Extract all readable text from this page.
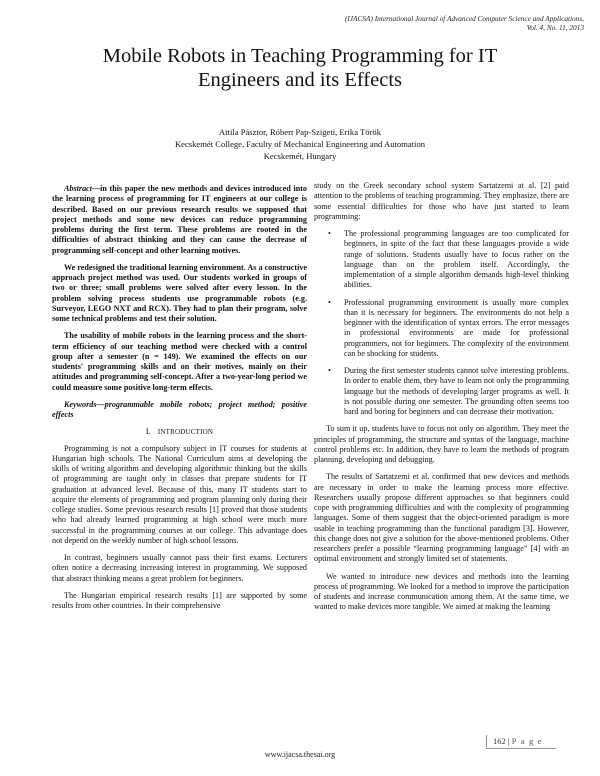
(IJACSA) International Journal of Advanced Computer Science and Applications,
Vol. 4, No. 11, 2013
Mobile Robots in Teaching Programming for IT
Engineers and its Effects
Attila Pásztor, Róbert Pap-Szigeti, Erika Török
Kecskemét College, Faculty of Mechanical Engineering and Automation
Kecskemét, Hungary

Abstract—in this paper the new methods and devices introduced into the learning process of programming for IT engineers at our college is described. Based on our previous research results we supposed that project methods and some new devices can reduce programming problems during the first term. These problems are rooted in the difficulties of abstract thinking and they can cause the decrease of programming self-concept and other learning motives.

We redesigned the traditional learning environment. As a constructive approach project method was used. Our students worked in groups of two or three; small problems were solved after every lesson. In the problem solving process students use programmable robots (e.g. Surveyor, LEGO NXT and RCX). They had to plan their program, solve some technical problems and test their solution.

The usability of mobile robots in the learning process and the short-term efficiency of our teaching method were checked with a control group after a semester (n = 149). We examined the effects on our students' programming skills and on their motives, mainly on their attitudes and programming self-concept. After a two-year-long period we could measure some positive long-term effects.

Keywords—programmable mobile robots; project method; positive effects

I. INTRODUCTION

Programming is not a compulsory subject in IT courses for students at Hungarian high schools. The National Curriculum aims at developing the skills of writing algorithm and developing algorithmic thinking but the skills of programming are taught only in classes that prepare students for IT graduation at advanced level. Because of this, many IT students start to acquire the elements of programming and program planning only during their college studies. Some previous research results [1] proved that those students who had already learned programming at high school were much more successful in the programming courses at our college. This advantage does not depend on the weekly number of high school lessons.

In contrast, beginners usually cannot pass their first exams. Lecturers often notice a decreasing increasing interest in programming. We supposed that abstract thinking means a great problem for beginners.

The Hungarian empirical research results [1] are supported by some results from other countries. In their comprehensive

study on the Greek secondary school system Sartatzemi at al. [2] paid attention to the problems of teaching programming. They emphasize, there are some essential difficulties for those who have just started to learn programming:

• The professional programming languages are too complicated for beginners, in spite of the fact that these languages provide a wide range of solutions. Students usually have to focus rather on the language than on the problem itself. Accordingly, the implementation of a simple algorithm demands high-level thinking abilities.
• Professional programming environment is usually more complex than it is necessary for beginners. The environments do not help a beginner with the identification of syntax errors. The error messages in professional environments are made for professional programmers, not for beginners. The complexity of the environment can be shocking for students.
• During the first semester students cannot solve interesting problems. In order to enable them, they have to learn not only the programming language but the methods of developing larger programs as well. It is not possible during one semester. The grounding often seems too hard and boring for beginners and can decrease their motivation.

To sum it up, students have to focus not only on algorithm. They meet the principles of programming, the structure and syntax of the language, machine control problems etc. In addition, they have to learn the methods of program planning, developing and debugging.

The results of Sartatzemi et al. confirmed that new devices and methods are necessary in order to make the learning process more effective. Researchers usually propose different approaches so that beginners could cope with programming difficulties and with the complexity of programming languages. Some of them suggest that the object-oriented paradigm is more usable in teaching programming than the functional paradigm [3]. However, this change does not give a solution for the above-mentioned problems. Other researchers prefer a possible “learning programming language” [4] with an optimal environment and strongly limited set of statements.

We wanted to introduce new devices and methods into the learning process of programming. We looked for a method to improve the participation of students and increase communication among them. At the same time, we wanted to make devices more tangible. We aimed at making the learning

162 | P a g e
www.ijacsa.thesai.org
